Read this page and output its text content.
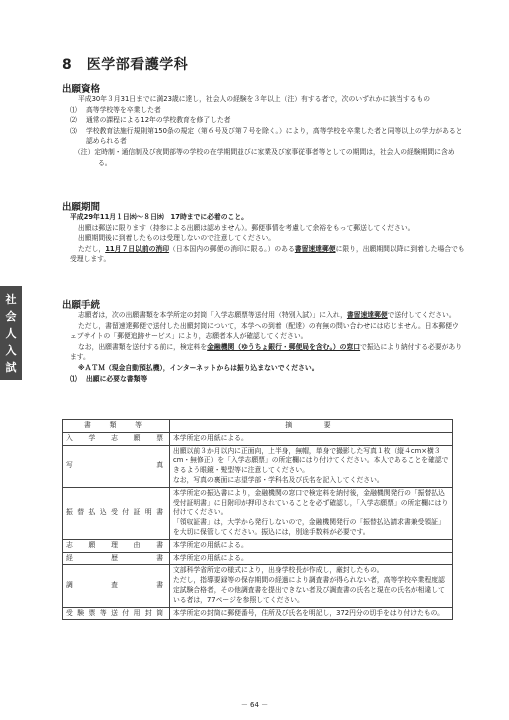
8　医学部看護学科
社
会
人
入
試
出願資格
平成30年３月31日までに満23歳に達し，社会人の経験を３年以上（注）有する者で，次のいずれかに該当するもの
⑴	高等学校等を卒業した者
⑵	通常の課程による12年の学校教育を修了した者
⑶	学校教育法施行規則第150条の規定（第６号及び第７号を除く。）により，高等学校を卒業した者と同等以上の学力があると認められる者
（注）定時制・通信制及び夜間部等の学校の在学期間並びに家業及び家事従事者等としての期間は，社会人の経験期間に含める。
出願期間
平成29年11月１日㈬～８日㈬　17時までに必着のこと。
出願は郵送に限ります（持参による出願は認めません）。郵便事情を考慮して余裕をもって郵送してください。
出願期間後に到着したものは受理しないので注意してください。
ただし，11月７日以前の消印（日本国内の郵便の消印に限る。）のある書留速達郵便に限り，出願期間以降に到着した場合でも受理します。
出願手続
志願者は，次の出願書類を本学所定の封筒「入学志願票等送付用（特別入試）」に入れ，書留速達郵便で送付してください。
ただし，書留速達郵便で送付した出願封筒について，本学への到着（配達）の有無の問い合わせには応じません。日本郵便ウェブサイトの「郵便追跡サービス」により，志願者本人が確認してください。
なお，出願書類を送付する前に，検定料を金融機関（ゆうちょ銀行・郵便局を含む。）の窓口で振込により納付する必要があります。
※ＡＴＭ（現金自動預払機），インターネットからは振り込まないでください。
⑴	出願に必要な書類等
書　類　等	摘　　要
入学志願票	本学所定の用紙による。
写真	出願以前３か月以内に正面向，上半身，無帽，単身で撮影した写真１枚（縦４cm×横３cm・無修正）を「入学志願票」の所定欄にはり付けてください。本人であることを確認できるよう眼鏡・髪型等に注意してください。
なお，写真の裏面に志望学部・学科名及び氏名を記入してください。
振替払込受付証明書	本学所定の振込書により，金融機関の窓口で検定料を納付後，金融機関発行の「振替払込受付証明書」に日附印が押印されていることを必ず確認し，「入学志願票」の所定欄にはり付けてください。
「領収証書」は，大学から発行しないので，金融機関発行の「振替払込請求書兼受領証」を大切に保管してください。振込には，別途手数料が必要です。
志願理由書	本学所定の用紙による。
経歴書	本学所定の用紙による。
調査書	文部科学省所定の様式により，出身学校長が作成し，厳封したもの。
ただし，指導要録等の保存期間の経過により調査書が得られない者，高等学校卒業程度認定試験合格者，その他調査書を提出できない者及び調査書の氏名と現在の氏名が相違している者は，77ページを参照してください。
受験票等送付用封筒	本学所定の封筒に郵便番号，住所及び氏名を明記し，372円分の切手をはり付けたもの。
－ 64 －
